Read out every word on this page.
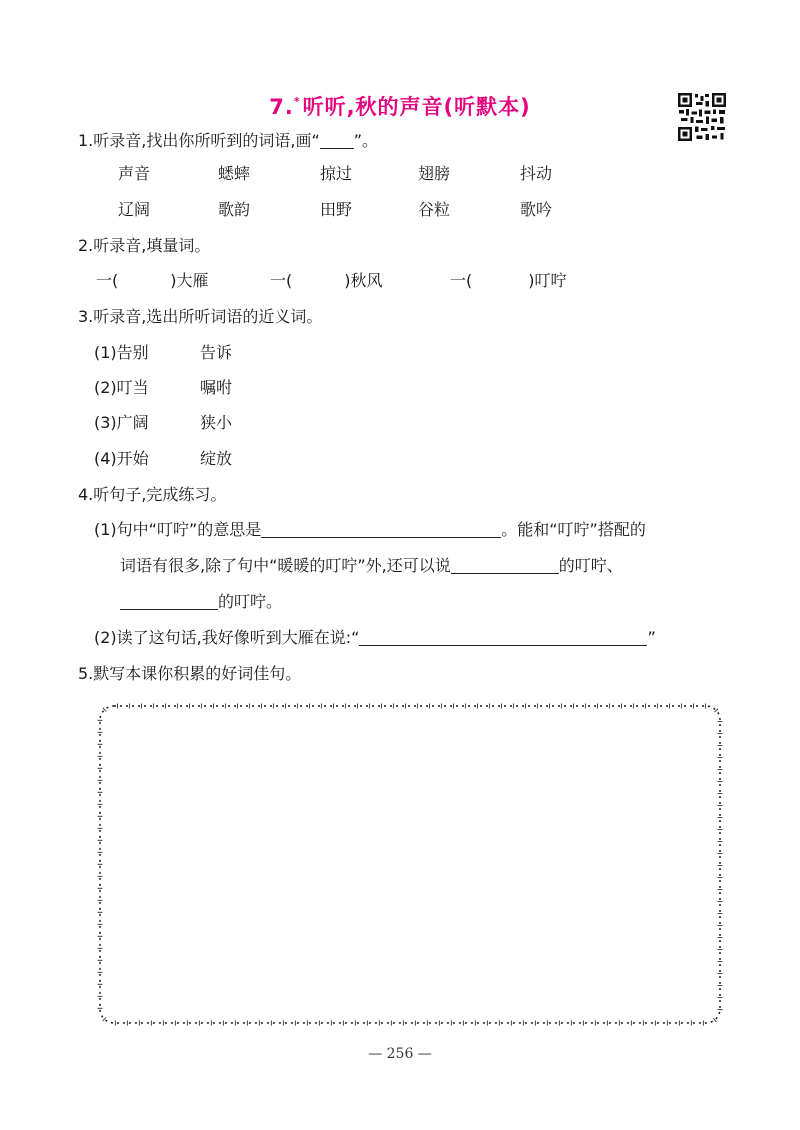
7.*听听,秋的声音(听默本)
1.听录音,找出你所听到的词语,画“ ”。
声音	蟋蟀	掠过	翅膀	抖动
辽阔	歌韵	田野	谷粒	歌吟
2.听录音,填量词。
一(	)大雁	一(	)秋风	一(	)叮咛
3.听录音,选出所听词语的近义词。
(1)告别	告诉
(2)叮当	嘱咐
(3)广阔	狭小
(4)开始	绽放
4.听句子,完成练习。
(1)句中“叮咛”的意思是	。能和“叮咛”搭配的
词语有很多,除了句中“暖暖的叮咛”外,还可以说	的叮咛、
的叮咛。
(2)读了这句话,我好像听到大雁在说:“	”
5.默写本课你积累的好词佳句。
— 256 —
